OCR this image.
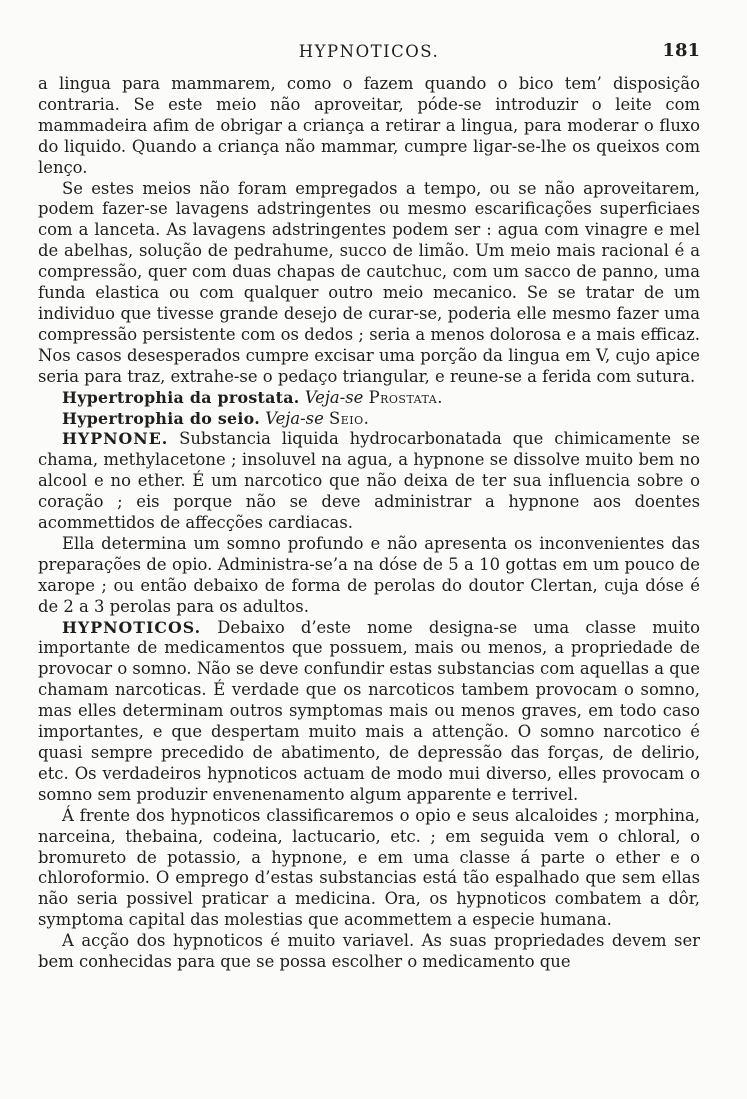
HYPNOTICOS.	181

a lingua para mammarem, como o fazem quando o bico tem’ disposição contraria. Se este meio não aproveitar, póde-se introduzir o leite com mammadeira afim de obrigar a criança a retirar a lingua, para moderar o fluxo do liquido. Quando a criança não mammar, cumpre ligar-se-lhe os queixos com lenço.

Se estes meios não foram empregados a tempo, ou se não aproveitarem, podem fazer-se lavagens adstringentes ou mesmo escarificações superficiaes com a lanceta. As lavagens adstringentes podem ser : agua com vinagre e mel de abelhas, solução de pedrahume, succo de limão. Um meio mais racional é a compressão, quer com duas chapas de cautchuc, com um sacco de panno, uma funda elastica ou com qualquer outro meio mecanico. Se se tratar de um individuo que tivesse grande desejo de curar-se, poderia elle mesmo fazer uma compressão persistente com os dedos ; seria a menos dolorosa e a mais efficaz. Nos casos desesperados cumpre excisar uma porção da lingua em V, cujo apice seria para traz, extrahe-se o pedaço triangular, e reune-se a ferida com sutura.

Hypertrophia da prostata. Veja-se Prostata.

Hypertrophia do seio. Veja-se Seio.

HYPNONE. Substancia liquida hydrocarbonatada que chimicamente se chama, methylacetone ; insoluvel na agua, a hypnone se dissolve muito bem no alcool e no ether. É um narcotico que não deixa de ter sua influencia sobre o coração ; eis porque não se deve administrar a hypnone aos doentes acommettidos de affecções cardiacas.

Ella determina um somno profundo e não apresenta os inconvenientes das preparações de opio. Administra-se’a na dóse de 5 a 10 gottas em um pouco de xarope ; ou então debaixo de forma de perolas do doutor Clertan, cuja dóse é de 2 a 3 perolas para os adultos.

HYPNOTICOS. Debaixo d’este nome designa-se uma classe muito importante de medicamentos que possuem, mais ou menos, a propriedade de provocar o somno. Não se deve confundir estas substancias com aquellas a que chamam narcoticas. É verdade que os narcoticos tambem provocam o somno, mas elles determinam outros symptomas mais ou menos graves, em todo caso importantes, e que despertam muito mais a attenção. O somno narcotico é quasi sempre precedido de abatimento, de depressão das forças, de delirio, etc. Os verdadeiros hypnoticos actuam de modo mui diverso, elles provocam o somno sem produzir envenenamento algum apparente e terrivel.

Á frente dos hypnoticos classificaremos o opio e seus alcaloides ; morphina, narceina, thebaina, codeina, lactucario, etc. ; em seguida vem o chloral, o bromureto de potassio, a hypnone, e em uma classe á parte o ether e o chloroformio. O emprego d’estas substancias está tão espalhado que sem ellas não seria possivel praticar a medicina. Ora, os hypnoticos combatem a dôr, symptoma capital das molestias que acommettem a especie humana.

A acção dos hypnoticos é muito variavel. As suas propriedades devem ser bem conhecidas para que se possa escolher o medicamento que
